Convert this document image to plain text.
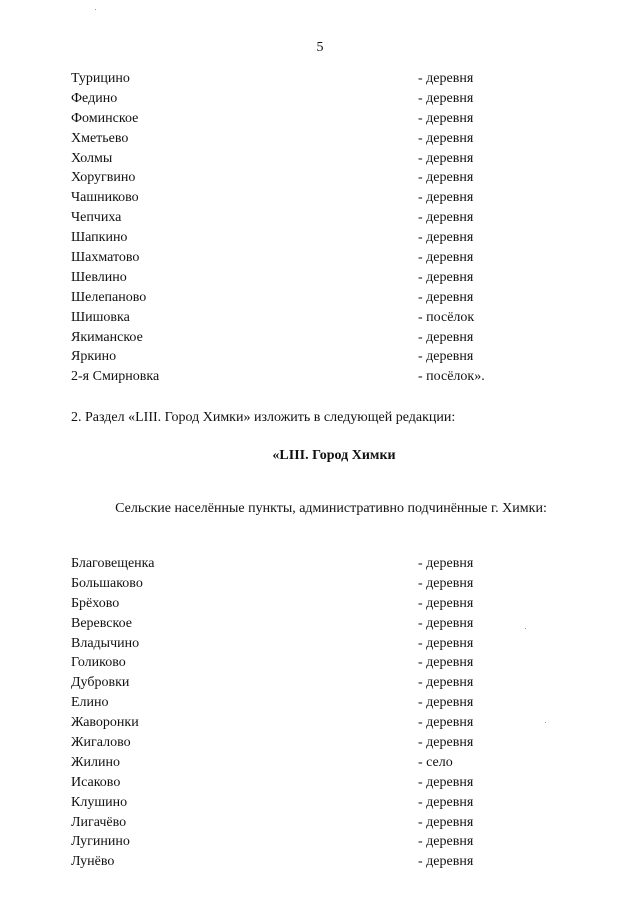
5
Турицино	- деревня
Федино	- деревня
Фоминское	- деревня
Хметьево	- деревня
Холмы	- деревня
Хоругвино	- деревня
Чашниково	- деревня
Чепчиха	- деревня
Шапкино	- деревня
Шахматово	- деревня
Шевлино	- деревня
Шелепаново	- деревня
Шишовка	- посёлок
Якиманское	- деревня
Яркино	- деревня
2-я Смирновка	- посёлок».
2. Раздел «LIII. Город Химки» изложить в следующей редакции:
«LIII. Город Химки
Сельские населённые пункты, административно подчинённые г. Химки:
Благовещенка	- деревня
Большаково	- деревня
Брёхово	- деревня
Веревское	- деревня
Владычино	- деревня
Голиково	- деревня
Дубровки	- деревня
Елино	- деревня
Жаворонки	- деревня
Жигалово	- деревня
Жилино	- село
Исаково	- деревня
Клушино	- деревня
Лигачёво	- деревня
Лугинино	- деревня
Лунёво	- деревня
